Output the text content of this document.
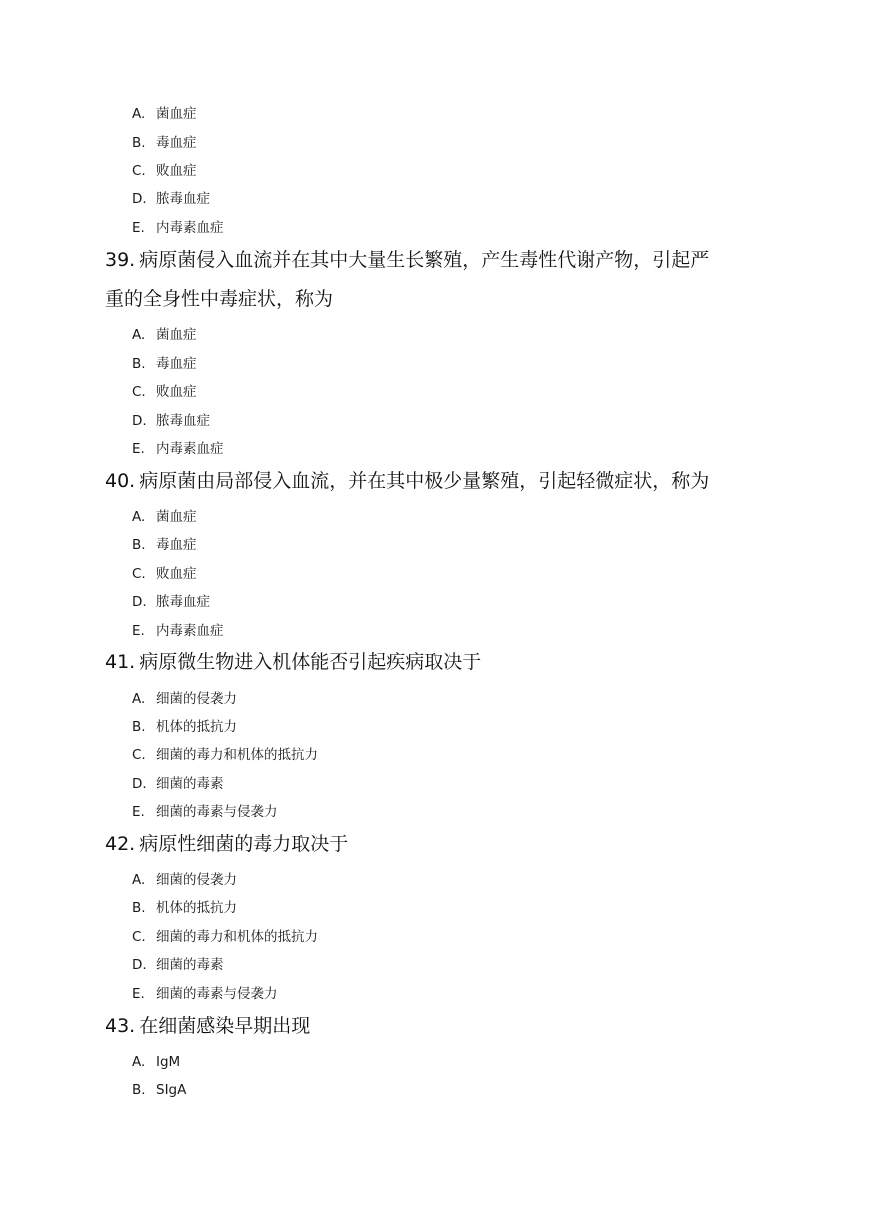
A. 菌血症
B. 毒血症
C. 败血症
D. 脓毒血症
E. 内毒素血症
39. 病原菌侵入血流并在其中大量生长繁殖，产生毒性代谢产物，引起严
重的全身性中毒症状，称为
A. 菌血症
B. 毒血症
C. 败血症
D. 脓毒血症
E. 内毒素血症
40. 病原菌由局部侵入血流，并在其中极少量繁殖，引起轻微症状，称为
A. 菌血症
B. 毒血症
C. 败血症
D. 脓毒血症
E. 内毒素血症
41. 病原微生物进入机体能否引起疾病取决于
A. 细菌的侵袭力
B. 机体的抵抗力
C. 细菌的毒力和机体的抵抗力
D. 细菌的毒素
E. 细菌的毒素与侵袭力
42. 病原性细菌的毒力取决于
A. 细菌的侵袭力
B. 机体的抵抗力
C. 细菌的毒力和机体的抵抗力
D. 细菌的毒素
E. 细菌的毒素与侵袭力
43. 在细菌感染早期出现
A. IgM
B. SIgA
